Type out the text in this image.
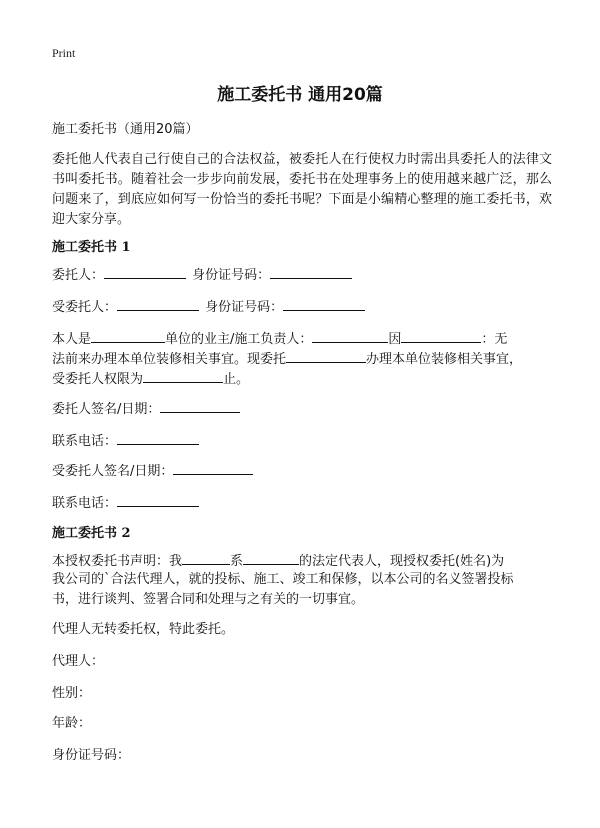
Print
施工委托书 通用20篇
施工委托书（通用20篇）
委托他人代表自己行使自己的合法权益，被委托人在行使权力时需出具委托人的法律文书叫委托书。随着社会一步步向前发展，委托书在处理事务上的使用越来越广泛，那么问题来了，到底应如何写一份恰当的委托书呢？下面是小编精心整理的施工委托书，欢迎大家分享。
施工委托书 1
委托人：	身份证号码：
受委托人：	身份证号码：
本人是	单位的业主/施工负责人：	因	：无
法前来办理本单位装修相关事宜。现委托	办理本单位装修相关事宜，
受委托人权限为	止。
委托人签名/日期：
联系电话：
受委托人签名/日期：
联系电话：
施工委托书 2
本授权委托书声明：我	系	的法定代表人，现授权委托(姓名)为
我公司的`合法代理人，就的投标、施工、竣工和保修，以本公司的名义签署投标
书，进行谈判、签署合同和处理与之有关的一切事宜。
代理人无转委托权，特此委托。
代理人：
性别：
年龄：
身份证号码：
